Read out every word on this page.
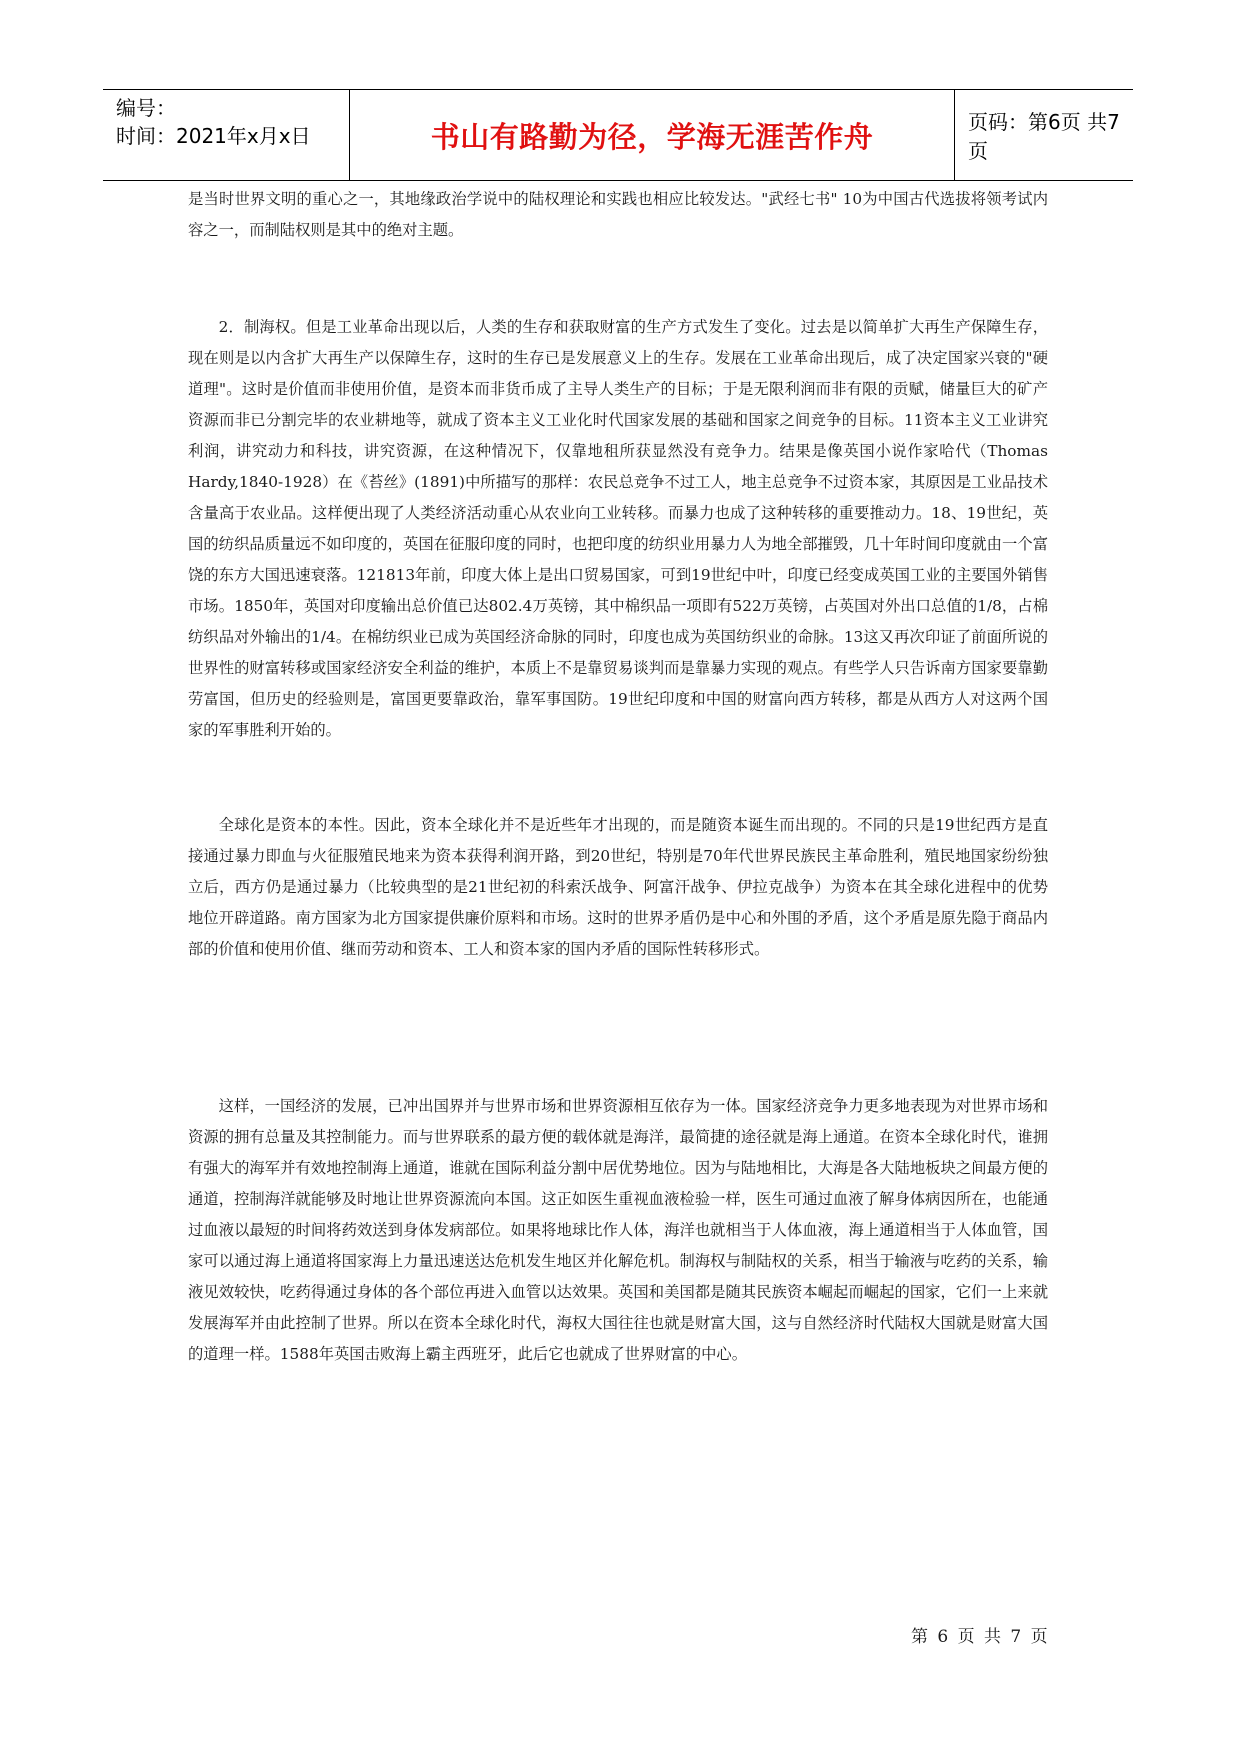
编号：
时间：2021年x月x日	书山有路勤为径，学海无涯苦作舟	页码：第6页 共7页

是当时世界文明的重心之一，其地缘政治学说中的陆权理论和实践也相应比较发达。"武经七书" 10为中国古代选拔将领考试内容之一，而制陆权则是其中的绝对主题。

2．制海权。但是工业革命出现以后，人类的生存和获取财富的生产方式发生了变化。过去是以简单扩大再生产保障生存，现在则是以内含扩大再生产以保障生存，这时的生存已是发展意义上的生存。发展在工业革命出现后，成了决定国家兴衰的"硬道理"。这时是价值而非使用价值，是资本而非货币成了主导人类生产的目标；于是无限利润而非有限的贡赋，储量巨大的矿产资源而非已分割完毕的农业耕地等，就成了资本主义工业化时代国家发展的基础和国家之间竞争的目标。11资本主义工业讲究利润，讲究动力和科技，讲究资源，在这种情况下，仅靠地租所获显然没有竞争力。结果是像英国小说作家哈代（Thomas Hardy,1840-1928）在《苔丝》(1891)中所描写的那样：农民总竞争不过工人，地主总竞争不过资本家，其原因是工业品技术含量高于农业品。这样便出现了人类经济活动重心从农业向工业转移。而暴力也成了这种转移的重要推动力。18、19世纪，英国的纺织品质量远不如印度的，英国在征服印度的同时，也把印度的纺织业用暴力人为地全部摧毁，几十年时间印度就由一个富饶的东方大国迅速衰落。121813年前，印度大体上是出口贸易国家，可到19世纪中叶，印度已经变成英国工业的主要国外销售市场。1850年，英国对印度输出总价值已达802.4万英镑，其中棉织品一项即有522万英镑，占英国对外出口总值的1/8，占棉纺织品对外输出的1/4。在棉纺织业已成为英国经济命脉的同时，印度也成为英国纺织业的命脉。13这又再次印证了前面所说的世界性的财富转移或国家经济安全利益的维护，本质上不是靠贸易谈判而是靠暴力实现的观点。有些学人只告诉南方国家要靠勤劳富国，但历史的经验则是，富国更要靠政治，靠军事国防。19世纪印度和中国的财富向西方转移，都是从西方人对这两个国家的军事胜利开始的。

全球化是资本的本性。因此，资本全球化并不是近些年才出现的，而是随资本诞生而出现的。不同的只是19世纪西方是直接通过暴力即血与火征服殖民地来为资本获得利润开路，到20世纪，特别是70年代世界民族民主革命胜利，殖民地国家纷纷独立后，西方仍是通过暴力（比较典型的是21世纪初的科索沃战争、阿富汗战争、伊拉克战争）为资本在其全球化进程中的优势地位开辟道路。南方国家为北方国家提供廉价原料和市场。这时的世界矛盾仍是中心和外围的矛盾，这个矛盾是原先隐于商品内部的价值和使用价值、继而劳动和资本、工人和资本家的国内矛盾的国际性转移形式。

这样，一国经济的发展，已冲出国界并与世界市场和世界资源相互依存为一体。国家经济竞争力更多地表现为对世界市场和资源的拥有总量及其控制能力。而与世界联系的最方便的载体就是海洋，最简捷的途径就是海上通道。在资本全球化时代，谁拥有强大的海军并有效地控制海上通道，谁就在国际利益分割中居优势地位。因为与陆地相比，大海是各大陆地板块之间最方便的通道，控制海洋就能够及时地让世界资源流向本国。这正如医生重视血液检验一样，医生可通过血液了解身体病因所在，也能通过血液以最短的时间将药效送到身体发病部位。如果将地球比作人体，海洋也就相当于人体血液，海上通道相当于人体血管，国家可以通过海上通道将国家海上力量迅速送达危机发生地区并化解危机。制海权与制陆权的关系，相当于输液与吃药的关系，输液见效较快，吃药得通过身体的各个部位再进入血管以达效果。英国和美国都是随其民族资本崛起而崛起的国家，它们一上来就发展海军并由此控制了世界。所以在资本全球化时代，海权大国往往也就是财富大国，这与自然经济时代陆权大国就是财富大国的道理一样。1588年英国击败海上霸主西班牙，此后它也就成了世界财富的中心。

第 6 页 共 7 页
